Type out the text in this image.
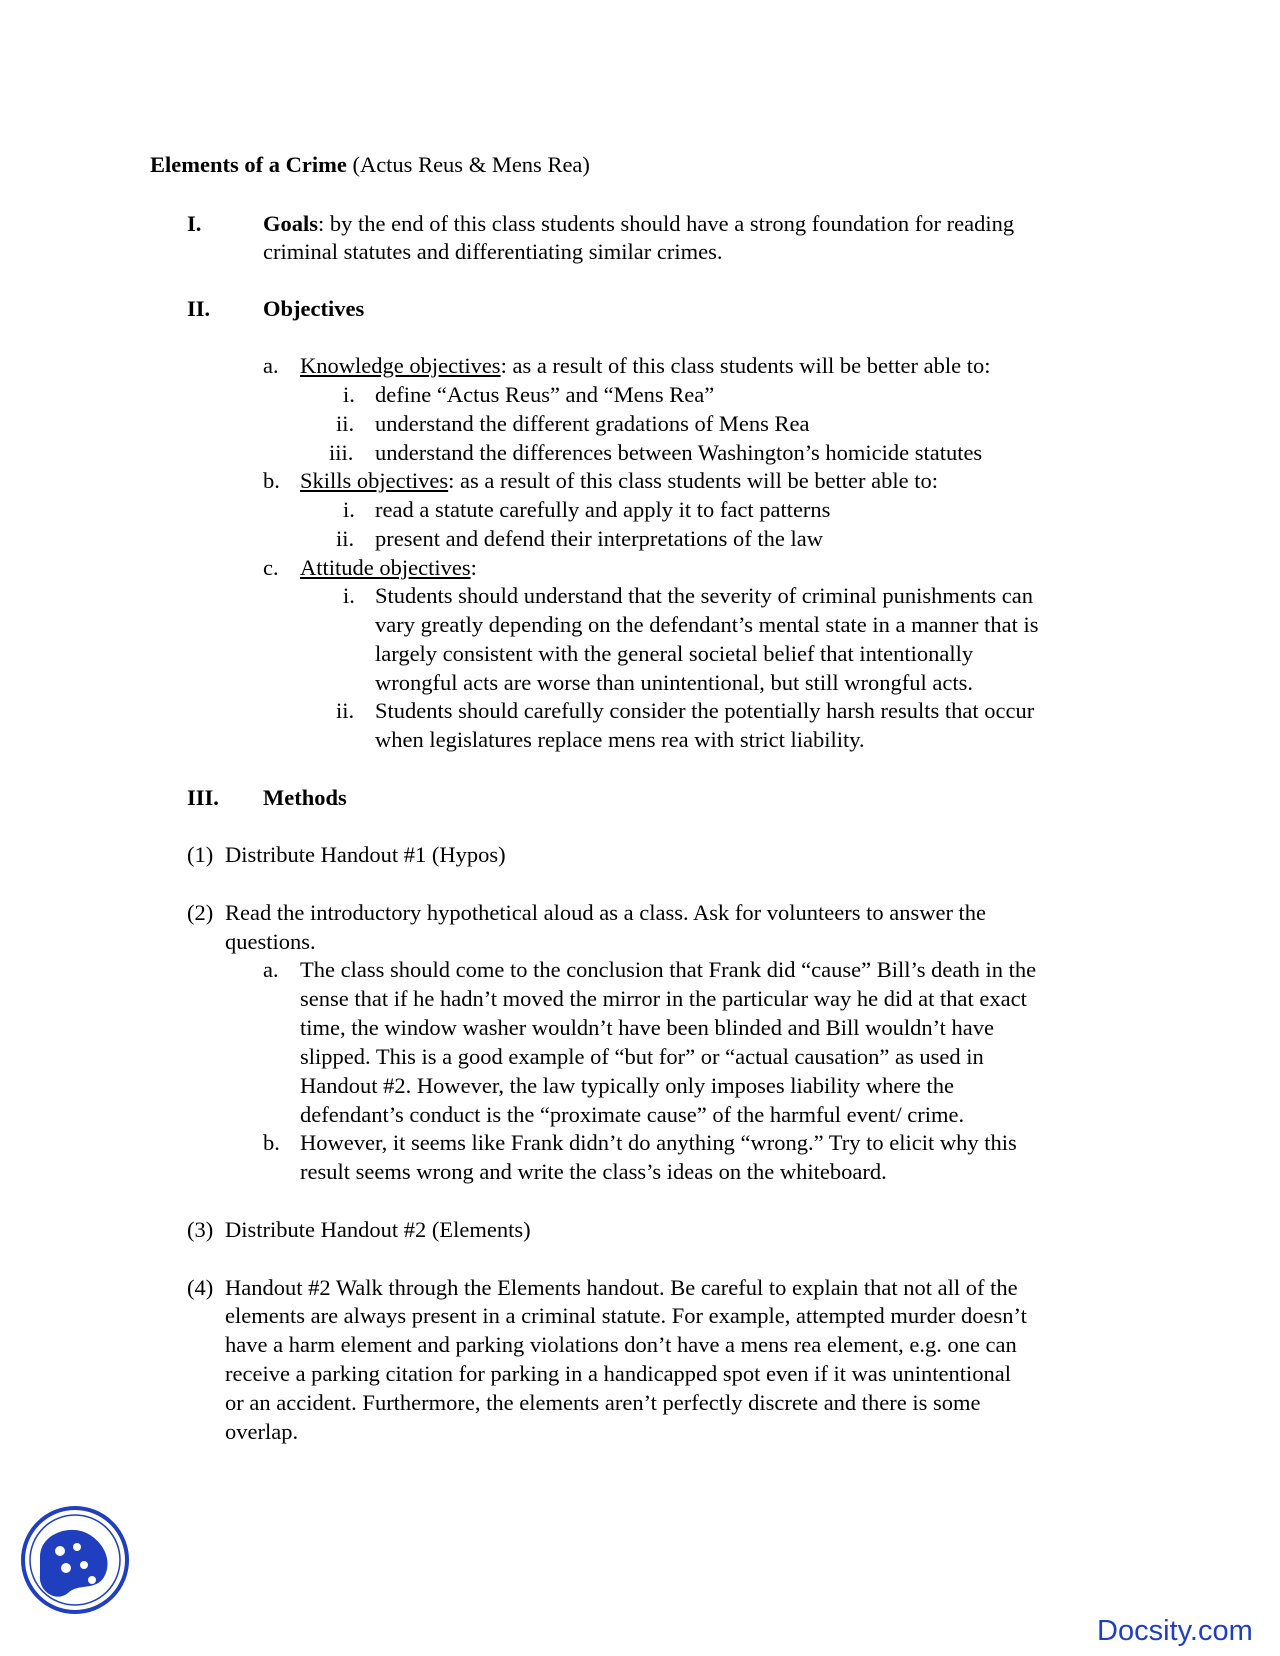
Elements of a Crime (Actus Reus & Mens Rea)
I.	Goals: by the end of this class students should have a strong foundation for reading
criminal statutes and differentiating similar crimes.
II. Objectives
a. Knowledge objectives: as a result of this class students will be better able to:
i. define “Actus Reus” and “Mens Rea”
ii. understand the different gradations of Mens Rea
iii. understand the differences between Washington’s homicide statutes
b. Skills objectives: as a result of this class students will be better able to:
i. read a statute carefully and apply it to fact patterns
ii. present and defend their interpretations of the law
c. Attitude objectives:
i. Students should understand that the severity of criminal punishments can
vary greatly depending on the defendant’s mental state in a manner that is
largely consistent with the general societal belief that intentionally
wrongful acts are worse than unintentional, but still wrongful acts.
ii. Students should carefully consider the potentially harsh results that occur
when legislatures replace mens rea with strict liability.
III. Methods
(1) Distribute Handout #1 (Hypos)
(2) Read the introductory hypothetical aloud as a class. Ask for volunteers to answer the
questions.
a. The class should come to the conclusion that Frank did “cause” Bill’s death in the
sense that if he hadn’t moved the mirror in the particular way he did at that exact
time, the window washer wouldn’t have been blinded and Bill wouldn’t have
slipped. This is a good example of “but for” or “actual causation” as used in
Handout #2. However, the law typically only imposes liability where the
defendant’s conduct is the “proximate cause” of the harmful event/ crime.
b. However, it seems like Frank didn’t do anything “wrong.” Try to elicit why this
result seems wrong and write the class’s ideas on the whiteboard.
(3) Distribute Handout #2 (Elements)
(4) Handout #2 Walk through the Elements handout. Be careful to explain that not all of the
elements are always present in a criminal statute. For example, attempted murder doesn’t
have a harm element and parking violations don’t have a mens rea element, e.g. one can
receive a parking citation for parking in a handicapped spot even if it was unintentional
or an accident. Furthermore, the elements aren’t perfectly discrete and there is some
overlap.
Docsity.com
